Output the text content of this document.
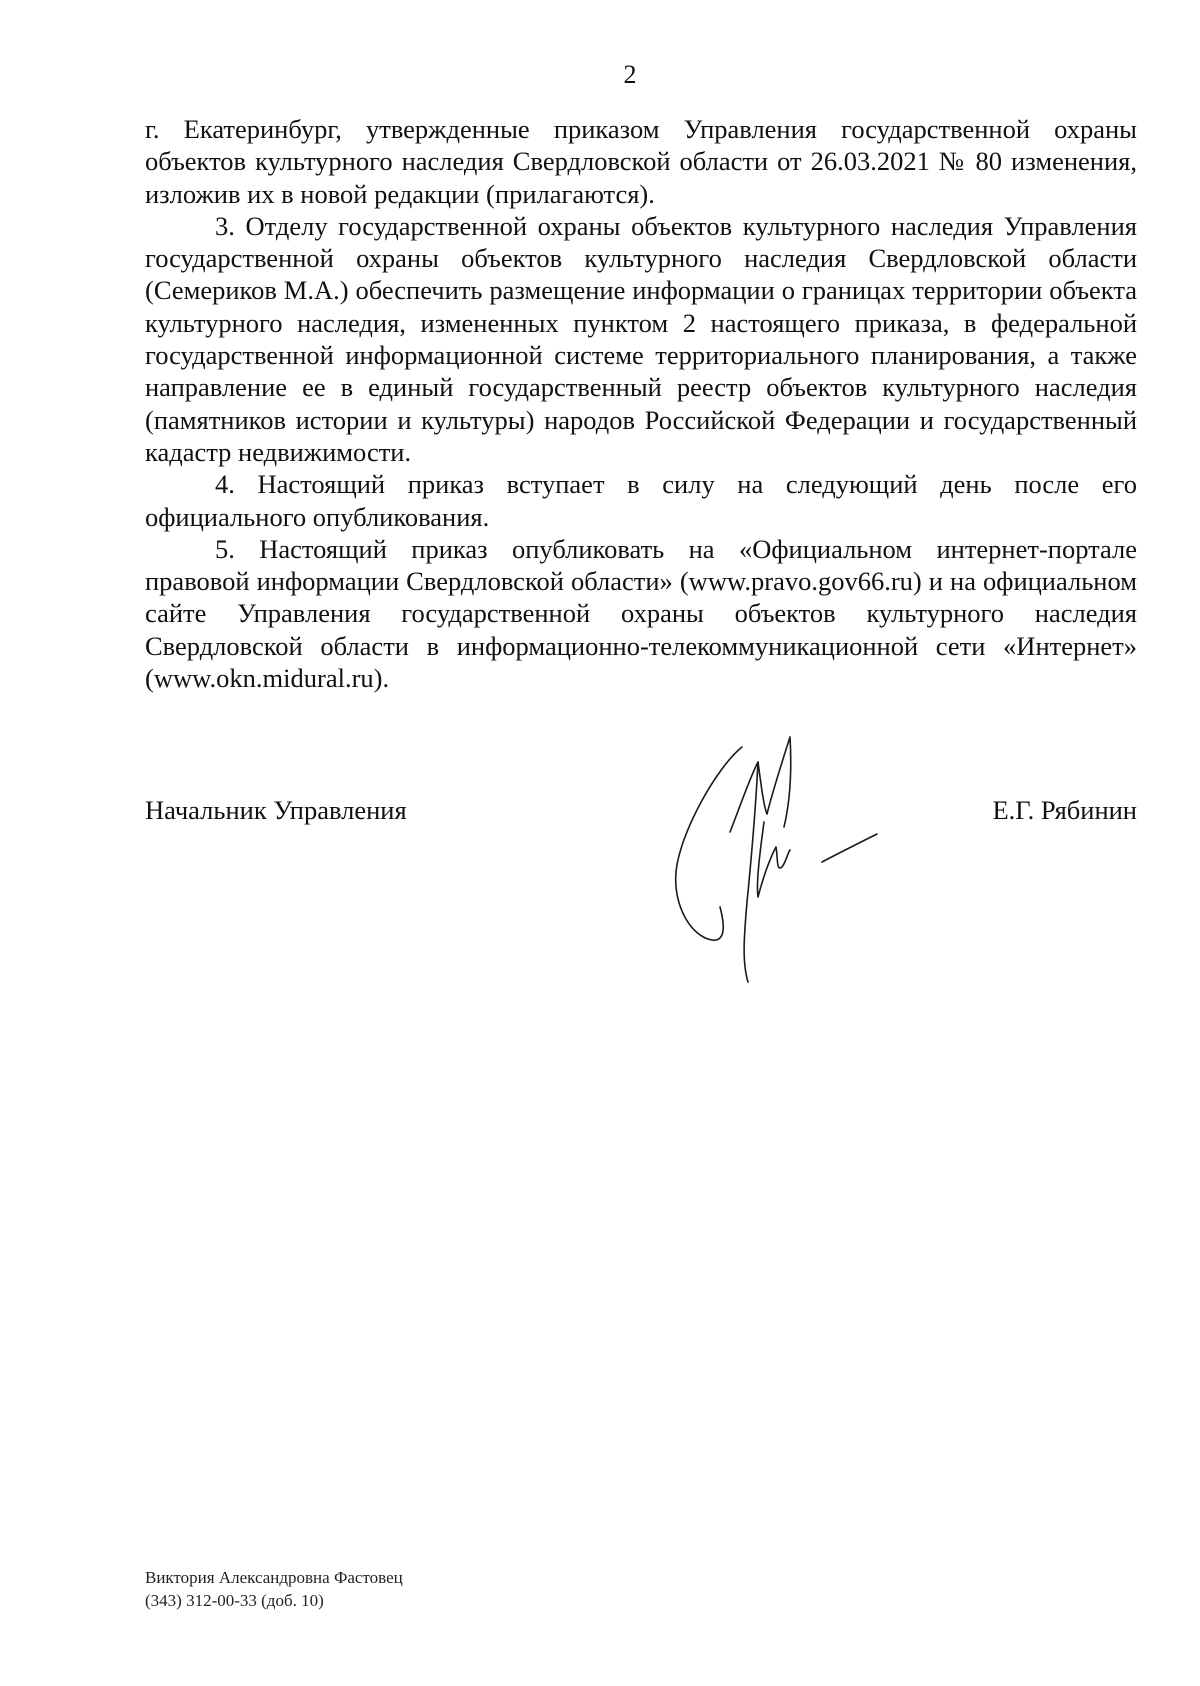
2

г. Екатеринбург, утвержденные приказом Управления государственной охраны объектов культурного наследия Свердловской области от 26.03.2021 № 80 изменения, изложив их в новой редакции (прилагаются).

3. Отделу государственной охраны объектов культурного наследия Управления государственной охраны объектов культурного наследия Свердловской области (Семериков М.А.) обеспечить размещение информации о границах территории объекта культурного наследия, измененных пунктом 2 настоящего приказа, в федеральной государственной информационной системе территориального планирования, а также направление ее в единый государственный реестр объектов культурного наследия (памятников истории и культуры) народов Российской Федерации и государственный кадастр недвижимости.

4. Настоящий приказ вступает в силу на следующий день после его официального опубликования.

5. Настоящий приказ опубликовать на «Официальном интернет-портале правовой информации Свердловской области» (www.pravo.gov66.ru) и на официальном сайте Управления государственной охраны объектов культурного наследия Свердловской области в информационно-телекоммуникационной сети «Интернет» (www.okn.midural.ru).

Начальник Управления	Е.Г. Рябинин
Виктория Александровна Фастовец
(343) 312-00-33 (доб. 10)
